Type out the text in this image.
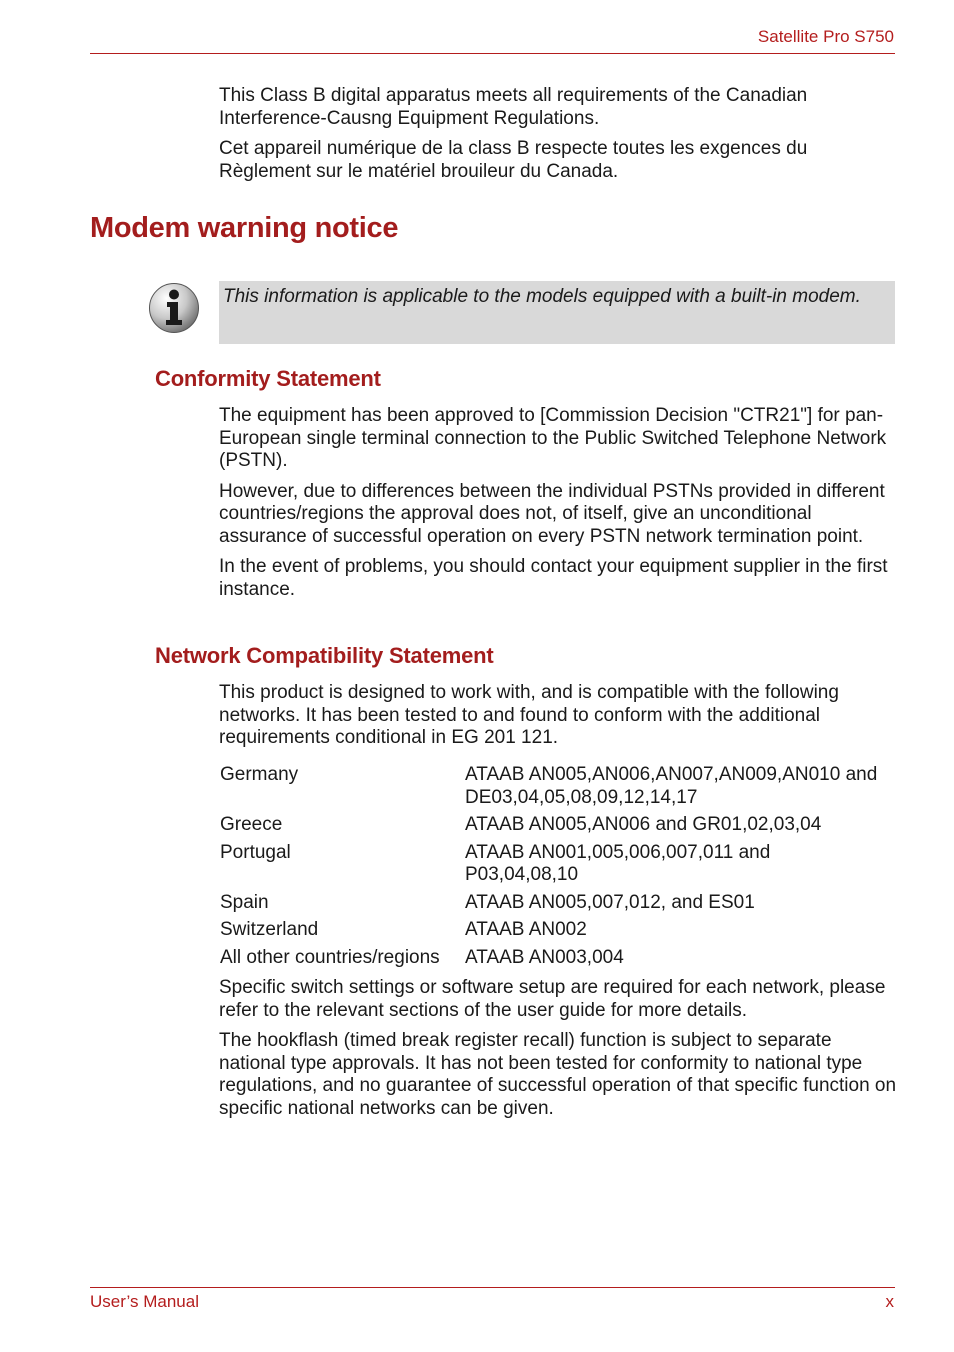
Satellite Pro S750

This Class B digital apparatus meets all requirements of the Canadian Interference-Causng Equipment Regulations.

Cet appareil numérique de la class B respecte toutes les exgences du Règlement sur le matériel brouileur du Canada.

Modem warning notice
This information is applicable to the models equipped with a built-in modem.
Conformity Statement

The equipment has been approved to [Commission Decision "CTR21"] for pan-European single terminal connection to the Public Switched Telephone Network (PSTN).

However, due to differences between the individual PSTNs provided in different countries/regions the approval does not, of itself, give an unconditional assurance of successful operation on every PSTN network termination point.

In the event of problems, you should contact your equipment supplier in the first instance.

Network Compatibility Statement

This product is designed to work with, and is compatible with the following networks. It has been tested to and found to conform with the additional requirements conditional in EG 201 121.

Germany	ATAAB AN005,AN006,AN007,AN009,AN010 and DE03,04,05,08,09,12,14,17
Greece	ATAAB AN005,AN006 and GR01,02,03,04
Portugal	ATAAB AN001,005,006,007,011 and P03,04,08,10
Spain	ATAAB AN005,007,012, and ES01
Switzerland	ATAAB AN002
All other countries/regions	ATAAB AN003,004

Specific switch settings or software setup are required for each network, please refer to the relevant sections of the user guide for more details.

The hookflash (timed break register recall) function is subject to separate national type approvals. It has not been tested for conformity to national type regulations, and no guarantee of successful operation of that specific function on specific national networks can be given.

User’s Manual	x
